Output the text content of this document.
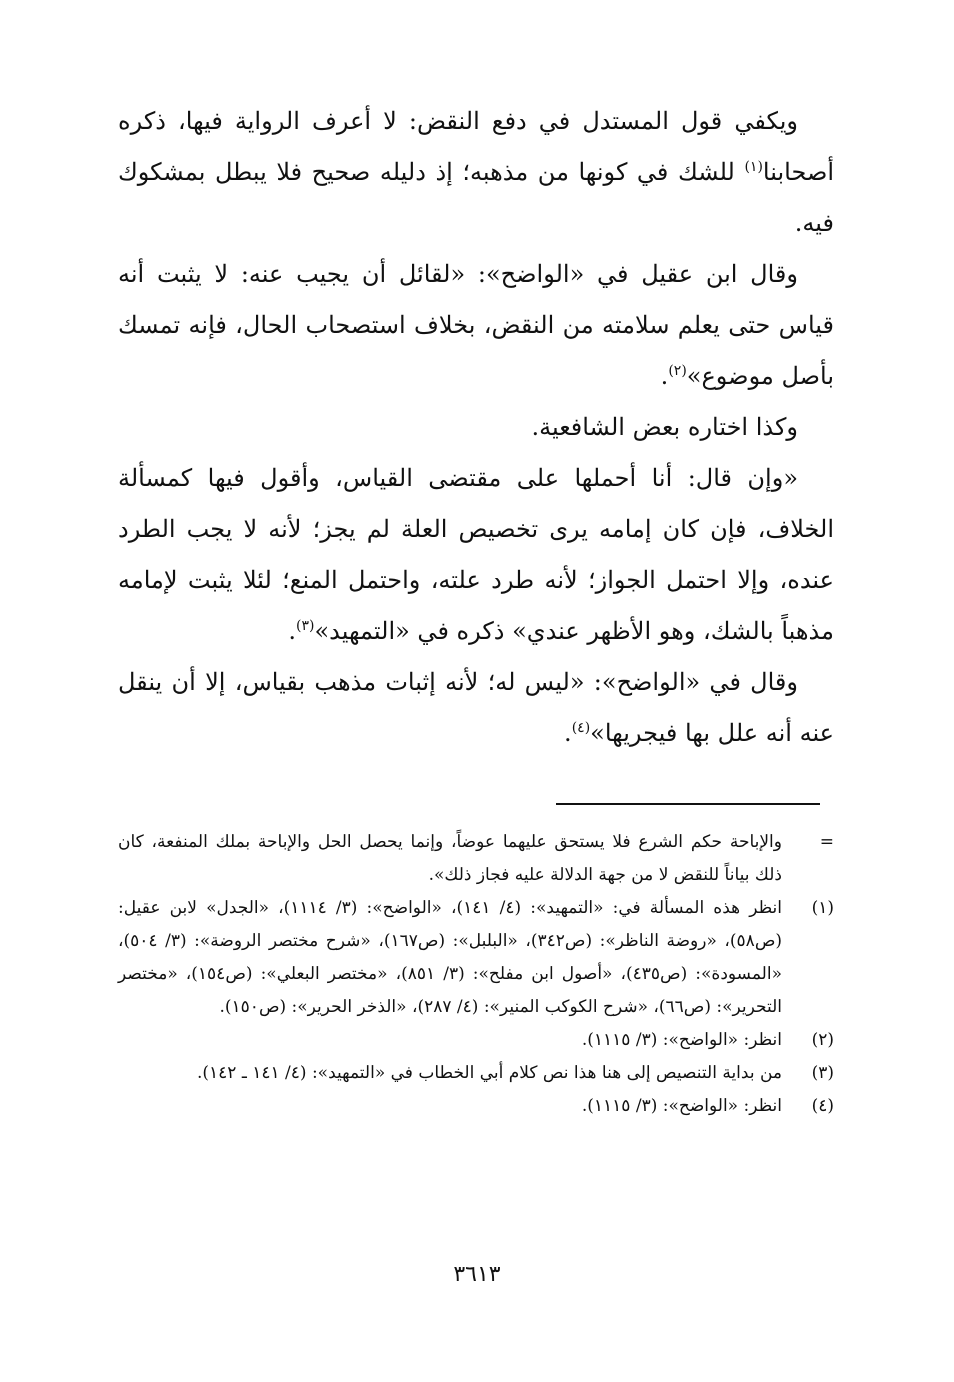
ويكفي قول المستدل في دفع النقض: لا أعرف الرواية فيها، ذكره أصحابنا$^{(١)}$ للشك في كونها من مذهبه؛ إذ دليله صحيح فلا يبطل بمشكوك فيه.

وقال ابن عقيل في «الواضح»: «لقائل أن يجيب عنه: لا يثبت أنه قياس حتى يعلم سلامته من النقض، بخلاف استصحاب الحال، فإنه تمسك بأصل موضوع»$^{(٢)}$.

وكذا اختاره بعض الشافعية.

«وإن قال: أنا أحملها على مقتضى القياس، وأقول فيها كمسألة الخلاف، فإن كان إمامه يرى تخصيص العلة لم يجز؛ لأنه لا يجب الطرد عنده، وإلا احتمل الجواز؛ لأنه طرد علته، واحتمل المنع؛ لئلا يثبت لإمامه مذهباً بالشك، وهو الأظهر عندي» ذكره في «التمهيد»$^{(٣)}$.

وقال في «الواضح»: «ليس له؛ لأنه إثبات مذهب بقياس، إلا أن ينقل عنه أنه علل بها فيجريها»$^{(٤)}$.

=
والإباحة حكم الشرع فلا يستحق عليهما عوضاً، وإنما يحصل الحل والإباحة بملك المنفعة، كان ذلك بياناً للنقض لا من جهة الدلالة عليه فجاز ذلك».
(١)
انظر هذه المسألة في: «التمهيد»: (٤/ ١٤١)، «الواضح»: (٣/ ١١١٤)، «الجدل» لابن عقيل: (ص٥٨)، «روضة الناظر»: (ص٣٤٢)، «البلبل»: (ص١٦٧)، «شرح مختصر الروضة»: (٣/ ٥٠٤)، «المسودة»: (ص٤٣٥)، «أصول ابن مفلح»: (٣/ ٨٥١)، «مختصر البعلي»: (ص١٥٤)، «مختصر التحرير»: (ص٦٦)، «شرح الكوكب المنير»: (٤/ ٢٨٧)، «الذخر الحرير»: (ص١٥٠).
(٢)
انظر: «الواضح»: (٣/ ١١١٥).
(٣)
من بداية التنصيص إلى هنا هذا نص كلام أبي الخطاب في «التمهيد»: (٤/ ١٤١ ـ ١٤٢).
(٤)
انظر: «الواضح»: (٣/ ١١١٥).
٣٦١٣
